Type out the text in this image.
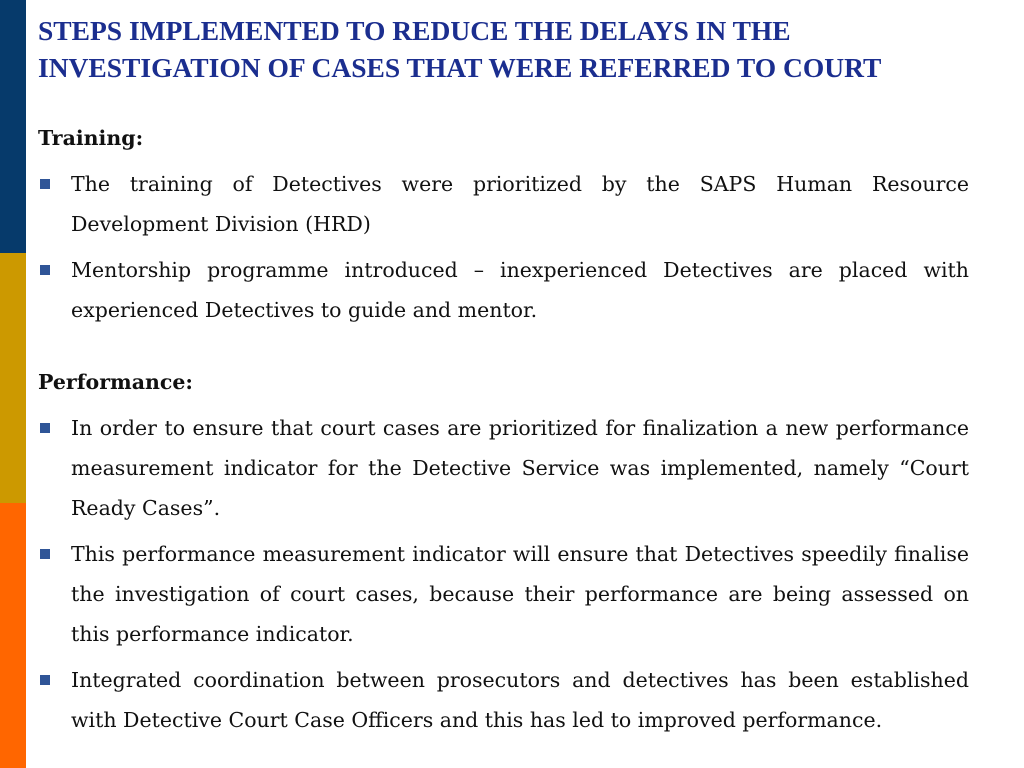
STEPS IMPLEMENTED TO REDUCE THE DELAYS IN THE INVESTIGATION OF CASES THAT WERE REFERRED TO COURT

Training:

The training of Detectives were prioritized by the SAPS Human Resource Development Division (HRD)
Mentorship programme introduced – inexperienced Detectives are placed with experienced Detectives to guide and mentor.

Performance:

In order to ensure that court cases are prioritized for finalization a new performance measurement indicator for the Detective Service was implemented, namely “Court Ready Cases”.
This performance measurement indicator will ensure that Detectives speedily finalise the investigation of court cases, because their performance are being assessed on this performance indicator.
Integrated coordination between prosecutors and detectives has been established with Detective Court Case Officers and this has led to improved performance.
